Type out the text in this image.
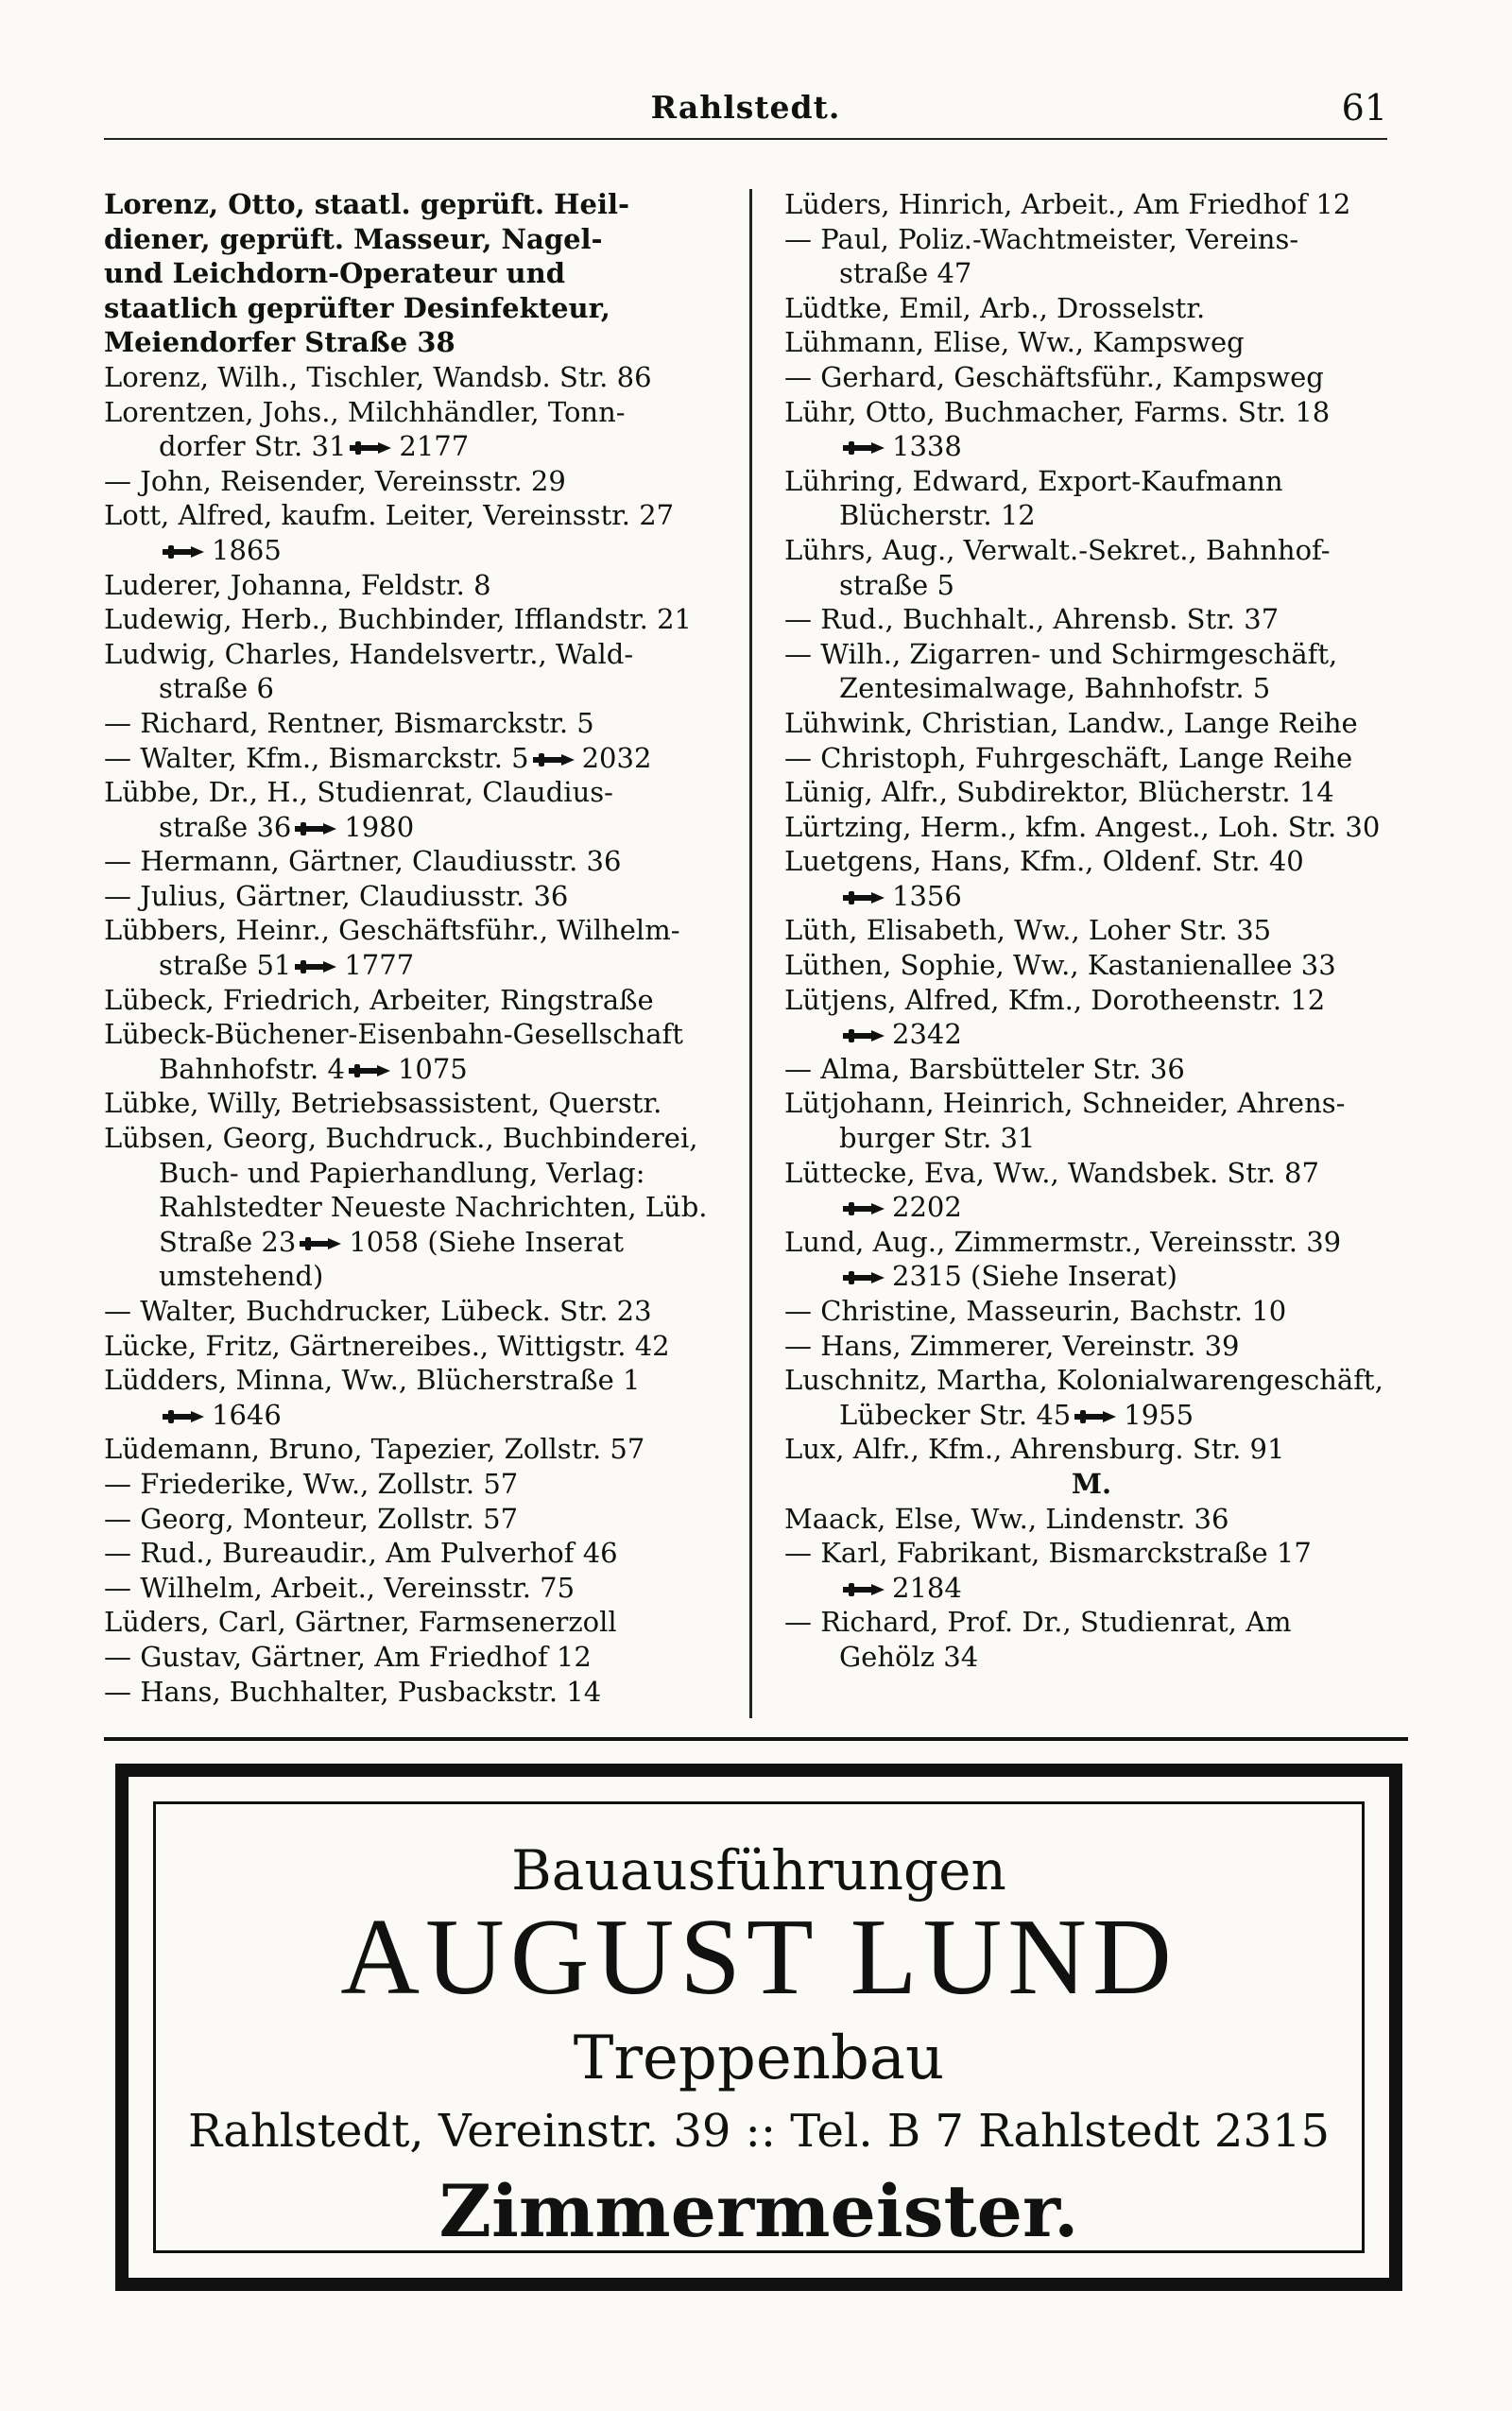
Rahlstedt.	61
Lorenz, Otto, staatl. geprüft. Heil-
diener, geprüft. Masseur, Nagel-
und Leichdorn-Operateur und
staatlich geprüfter Desinfekteur,
Meiendorfer Straße 38
Lorenz, Wilh., Tischler, Wandsb. Str. 86
Lorentzen, Johs., Milchhändler, Tonn-
dorfer Str. 31 2177
— John, Reisender, Vereinsstr. 29
Lott, Alfred, kaufm. Leiter, Vereinsstr. 27
1865
Luderer, Johanna, Feldstr. 8
Ludewig, Herb., Buchbinder, Ifflandstr. 21
Ludwig, Charles, Handelsvertr., Wald-
straße 6
— Richard, Rentner, Bismarckstr. 5
— Walter, Kfm., Bismarckstr. 5 2032
Lübbe, Dr., H., Studienrat, Claudius-
straße 36 1980
— Hermann, Gärtner, Claudiusstr. 36
— Julius, Gärtner, Claudiusstr. 36
Lübbers, Heinr., Geschäftsführ., Wilhelm-
straße 51 1777
Lübeck, Friedrich, Arbeiter, Ringstraße
Lübeck-Büchener-Eisenbahn-Gesellschaft
Bahnhofstr. 4 1075
Lübke, Willy, Betriebsassistent, Querstr.
Lübsen, Georg, Buchdruck., Buchbinderei,
Buch- und Papierhandlung, Verlag:
Rahlstedter Neueste Nachrichten, Lüb.
Straße 23 1058 (Siehe Inserat
umstehend)
— Walter, Buchdrucker, Lübeck. Str. 23
Lücke, Fritz, Gärtnereibes., Wittigstr. 42
Lüdders, Minna, Ww., Blücherstraße 1
1646
Lüdemann, Bruno, Tapezier, Zollstr. 57
— Friederike, Ww., Zollstr. 57
— Georg, Monteur, Zollstr. 57
— Rud., Bureaudir., Am Pulverhof 46
— Wilhelm, Arbeit., Vereinsstr. 75
Lüders, Carl, Gärtner, Farmsenerzoll
— Gustav, Gärtner, Am Friedhof 12
— Hans, Buchhalter, Pusbackstr. 14
Lüders, Hinrich, Arbeit., Am Friedhof 12
— Paul, Poliz.-Wachtmeister, Vereins-
straße 47
Lüdtke, Emil, Arb., Drosselstr.
Lühmann, Elise, Ww., Kampsweg
— Gerhard, Geschäftsführ., Kampsweg
Lühr, Otto, Buchmacher, Farms. Str. 18
1338
Lühring, Edward, Export-Kaufmann
Blücherstr. 12
Lührs, Aug., Verwalt.-Sekret., Bahnhof-
straße 5
— Rud., Buchhalt., Ahrensb. Str. 37
— Wilh., Zigarren- und Schirmgeschäft,
Zentesimalwage, Bahnhofstr. 5
Lühwink, Christian, Landw., Lange Reihe
— Christoph, Fuhrgeschäft, Lange Reihe
Lünig, Alfr., Subdirektor, Blücherstr. 14
Lürtzing, Herm., kfm. Angest., Loh. Str. 30
Luetgens, Hans, Kfm., Oldenf. Str. 40
1356
Lüth, Elisabeth, Ww., Loher Str. 35
Lüthen, Sophie, Ww., Kastanienallee 33
Lütjens, Alfred, Kfm., Dorotheenstr. 12
2342
— Alma, Barsbütteler Str. 36
Lütjohann, Heinrich, Schneider, Ahrens-
burger Str. 31
Lüttecke, Eva, Ww., Wandsbek. Str. 87
2202
Lund, Aug., Zimmermstr., Vereinsstr. 39
2315 (Siehe Inserat)
— Christine, Masseurin, Bachstr. 10
— Hans, Zimmerer, Vereinstr. 39
Luschnitz, Martha, Kolonialwarengeschäft,
Lübecker Str. 45 1955
Lux, Alfr., Kfm., Ahrensburg. Str. 91
M.
Maack, Else, Ww., Lindenstr. 36
— Karl, Fabrikant, Bismarckstraße 17
2184
— Richard, Prof. Dr., Studienrat, Am
Gehölz 34
Bauausführungen
AUGUST LUND
Treppenbau
Rahlstedt, Vereinstr. 39 :: Tel. B 7 Rahlstedt 2315
Zimmermeister.
